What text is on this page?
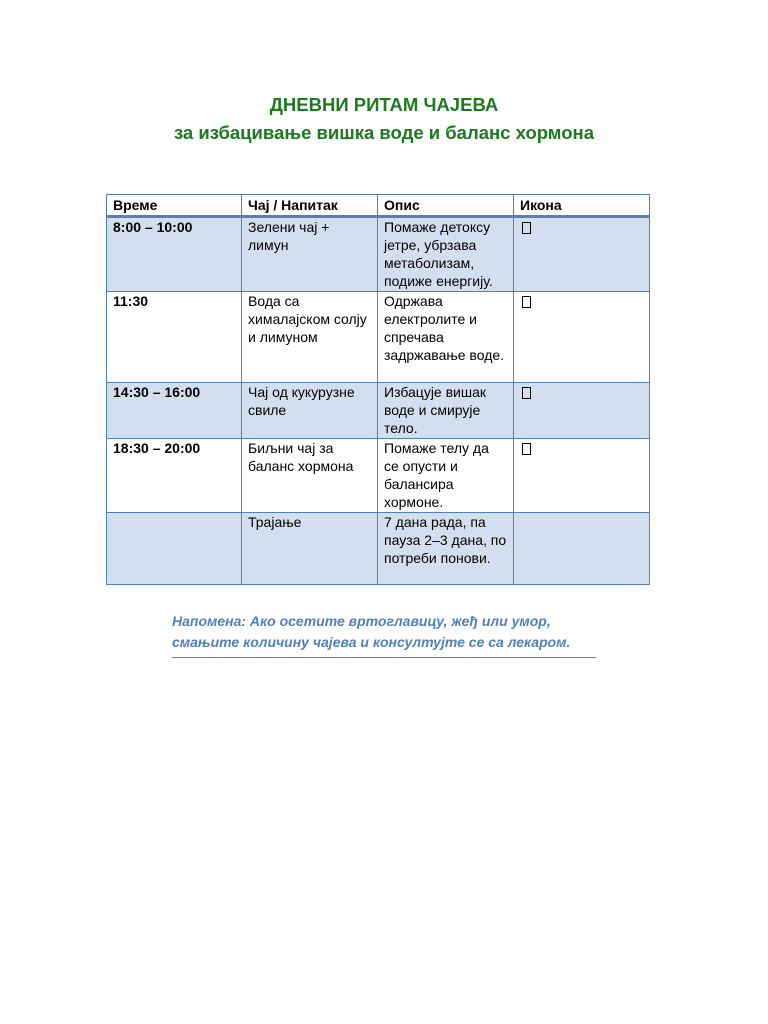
ДНЕВНИ РИТАМ ЧАЈЕВА
за избацивање вишка воде и баланс хормона
Време	Чај / Напитак	Опис	Икона
8:00 – 10:00	Зелени чај + лимун	Помаже детоксу јетре, убрзава метаболизам, подиже енергију.	
11:30	Вода са хималајском солју и лимуном	Одржава електролите и спречава задржавање воде.	
14:30 – 16:00	Чај од кукурузне свиле	Избацује вишак воде и смирује тело.	
18:30 – 20:00	Биљни чај за баланс хормона	Помаже телу да се опусти и балансира хормоне.	
	Трајање	7 дана рада, па пауза 2–3 дана, по потреби понови.	

Напомена: Ако осетите вртоглавицу, жеђ или умор, смањите количину чајева и консултујте се са лекаром.
